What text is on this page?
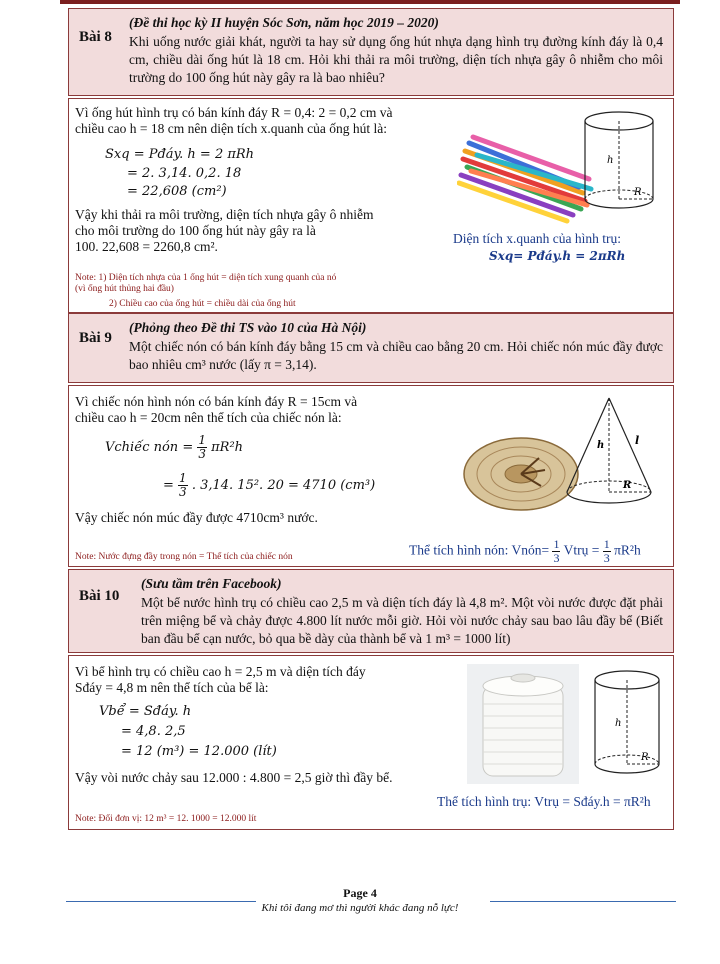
Bài 8
(Đề thi học kỳ II huyện Sóc Sơn, năm học 2019 – 2020)
Khi uống nước giải khát, người ta hay sử dụng ống hút nhựa dạng hình trụ đường kính đáy là 0,4 cm, chiều dài ống hút là 18 cm. Hỏi khi thải ra môi trường, diện tích nhựa gây ô nhiễm cho môi trường do 100 ống hút này gây ra là bao nhiêu?
Vì ống hút hình trụ có bán kính đáy R = 0,4: 2 = 0,2 cm và
chiều cao h = 18 cm nên diện tích x.quanh của ống hút là:
Sxq = Pđáy. h = 2 πRh
= 2. 3,14. 0,2. 18
= 22,608 (cm²)
Vậy khi thải ra môi trường, diện tích nhựa gây ô nhiễm
cho môi trường do 100 ống hút này gây ra là
100. 22,608 = 2260,8 cm².
Note: 1) Diện tích nhựa của 1 ống hút = diện tích xung quanh của nó
(vì ống hút thủng hai đầu)
2) Chiều cao của ống hút = chiều dài của ống hút
h
R
Diện tích x.quanh của hình trụ:
Sxq= Pđáy.h = 2πRh
Bài 9
(Phỏng theo Đề thi TS vào 10 của Hà Nội)
Một chiếc nón có bán kính đáy bằng 15 cm và chiều cao bằng 20 cm. Hỏi chiếc nón múc đầy được bao nhiêu cm³ nước (lấy π = 3,14).
Vì chiếc nón hình nón có bán kính đáy R = 15cm và
chiều cao h = 20cm nên thể tích của chiếc nón là:
Vchiếc nón = $\frac{1}{3} \pi R^2h$
= $\frac{1}{3}$ . 3,14. 15². 20 = 4710 (cm³)
Vậy chiếc nón múc đầy được 4710cm³ nước.
Note: Nước đựng đầy trong nón = Thể tích của chiếc nón
h	l
R
Thể tích hình nón: Vnón= $\frac{1}{3}$ Vtrụ = $\frac{1}{3} \pi R^2h$
Bài 10
(Sưu tầm trên Facebook)
Một bể nước hình trụ có chiều cao 2,5 m và diện tích đáy là 4,8 m². Một vòi nước được đặt phải trên miệng bể và chảy được 4.800 lít nước mỗi giờ. Hỏi vòi nước chảy sau bao lâu đầy bể (Biết ban đầu bể cạn nước, bỏ qua bề dày của thành bể và 1 m³ = 1000 lít)
Vì bể hình trụ có chiều cao h = 2,5 m và diện tích đáy
Sđáy = 4,8 m nên thể tích của bể là:
Vbể = Sđáy. h
= 4,8. 2,5
= 12 (m³) = 12.000 (lít)
Vậy vòi nước chảy sau 12.000 : 4.800 = 2,5 giờ thì đầy bể.
Thể tích hình trụ: Vtrụ = Sđáy.h = πR²h
Note: Đổi đơn vị: 12 m³ = 12. 1000 = 12.000 lít
h
R
Page 4
Khi tôi đang mơ thì người khác đang nỗ lực!
